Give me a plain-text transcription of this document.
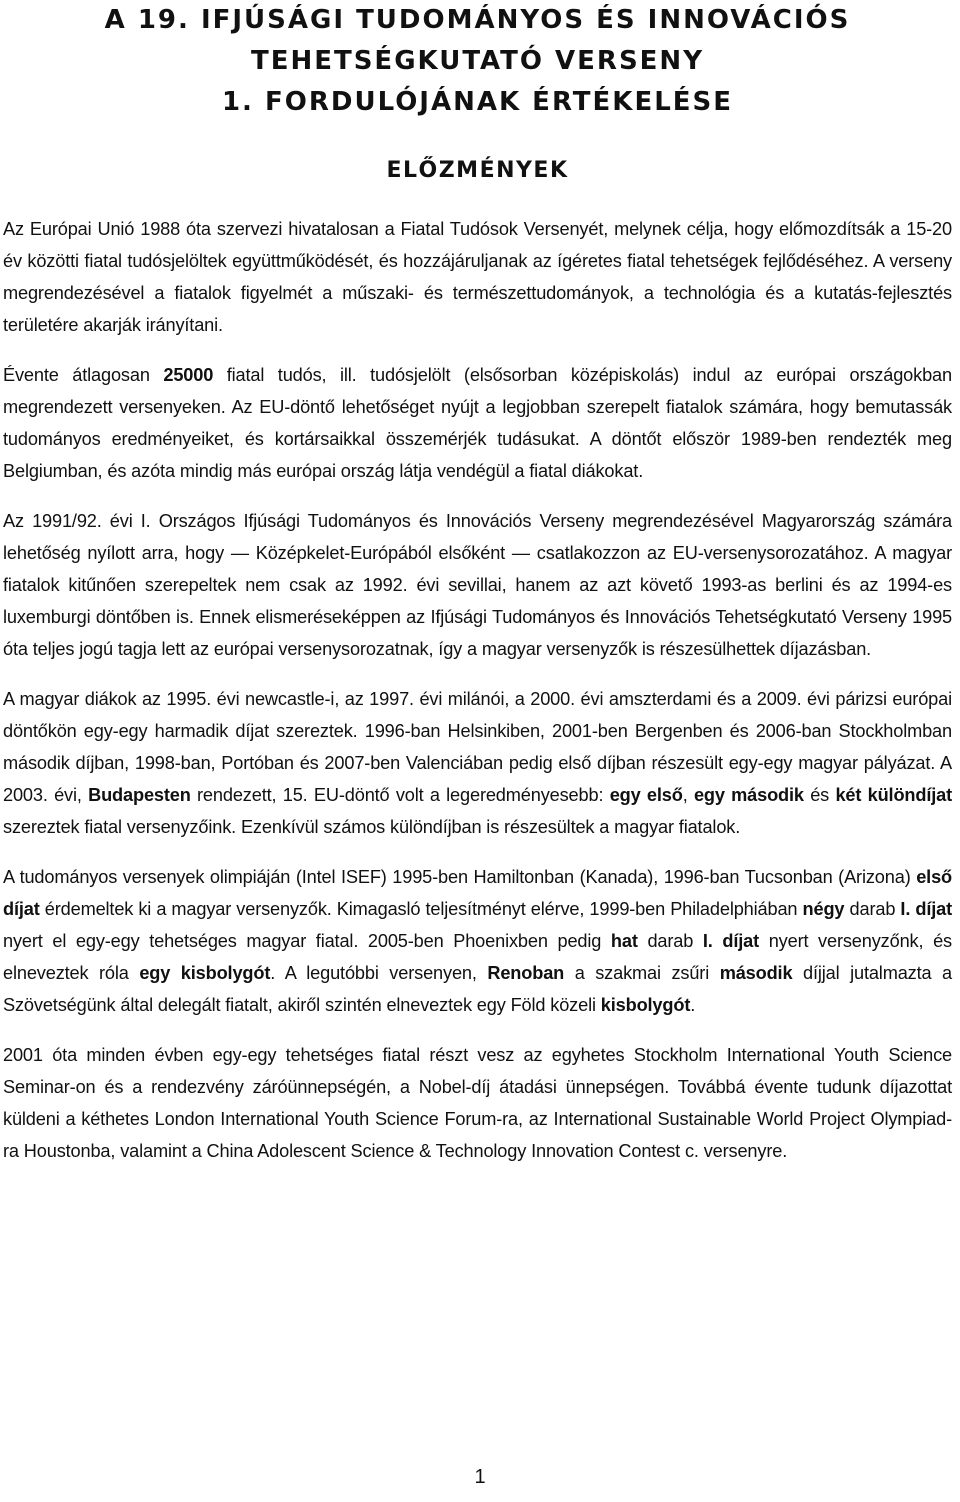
A 19. IFJÚSÁGI TUDOMÁNYOS ÉS INNOVÁCIÓS
TEHETSÉGKUTATÓ VERSENY
1. FORDULÓJÁNAK ÉRTÉKELÉSE
ELŐZMÉNYEK

Az Európai Unió 1988 óta szervezi hivatalosan a Fiatal Tudósok Versenyét, melynek célja, hogy előmozdítsák a 15-20 év közötti fiatal tudósjelöltek együttműködését, és hozzájáruljanak az ígéretes fiatal tehetségek fejlődéséhez. A verseny megrendezésével a fiatalok figyelmét a műszaki- és természettudományok, a technológia és a kutatás-fejlesztés területére akarják irányítani.

Évente átlagosan 25000 fiatal tudós, ill. tudósjelölt (elsősorban középiskolás) indul az európai országokban megrendezett versenyeken. Az EU-döntő lehetőséget nyújt a legjobban szerepelt fiatalok számára, hogy bemutassák tudományos eredményeiket, és kortársaikkal összemérjék tudásukat. A döntőt először 1989-ben rendezték meg Belgiumban, és azóta mindig más európai ország látja vendégül a fiatal diákokat.

Az 1991/92. évi I. Országos Ifjúsági Tudományos és Innovációs Verseny megrendezésével Magyarország számára lehetőség nyílott arra, hogy — Középkelet-Európából elsőként — csatlakozzon az EU-versenysorozatához. A magyar fiatalok kitűnően szerepeltek nem csak az 1992. évi sevillai, hanem az azt követő 1993-as berlini és az 1994-es luxemburgi döntőben is. Ennek elismeréseképpen az Ifjúsági Tudományos és Innovációs Tehetségkutató Verseny 1995 óta teljes jogú tagja lett az európai versenysorozatnak, így a magyar versenyzők is részesülhettek díjazásban.

A magyar diákok az 1995. évi newcastle-i, az 1997. évi milánói, a 2000. évi amszterdami és a 2009. évi párizsi európai döntőkön egy-egy harmadik díjat szereztek. 1996-ban Helsinkiben, 2001-ben Bergenben és 2006-ban Stockholmban második díjban, 1998-ban, Portóban és 2007-ben Valenciában pedig első díjban részesült egy-egy magyar pályázat. A 2003. évi, Budapesten rendezett, 15. EU-döntő volt a legeredményesebb: egy első, egy második és két különdíjat szereztek fiatal versenyzőink. Ezenkívül számos különdíjban is részesültek a magyar fiatalok.

A tudományos versenyek olimpiáján (Intel ISEF) 1995-ben Hamiltonban (Kanada), 1996-ban Tucsonban (Arizona) első díjat érdemeltek ki a magyar versenyzők. Kimagasló teljesítményt elérve, 1999-ben Philadelphiában négy darab I. díjat nyert el egy-egy tehetséges magyar fiatal. 2005-ben Phoenixben pedig hat darab I. díjat nyert versenyzőnk, és elneveztek róla egy kisbolygót. A legutóbbi versenyen, Renoban a szakmai zsűri második díjjal jutalmazta a Szövetségünk által delegált fiatalt, akiről szintén elneveztek egy Föld közeli kisbolygót.

2001 óta minden évben egy-egy tehetséges fiatal részt vesz az egyhetes Stockholm International Youth Science Seminar-on és a rendezvény záróünnepségén, a Nobel-díj átadási ünnepségen. Továbbá évente tudunk díjazottat küldeni a kéthetes London International Youth Science Forum-ra, az International Sustainable World Project Olympiad-ra Houstonba, valamint a China Adolescent Science & Technology Innovation Contest c. versenyre.

1
